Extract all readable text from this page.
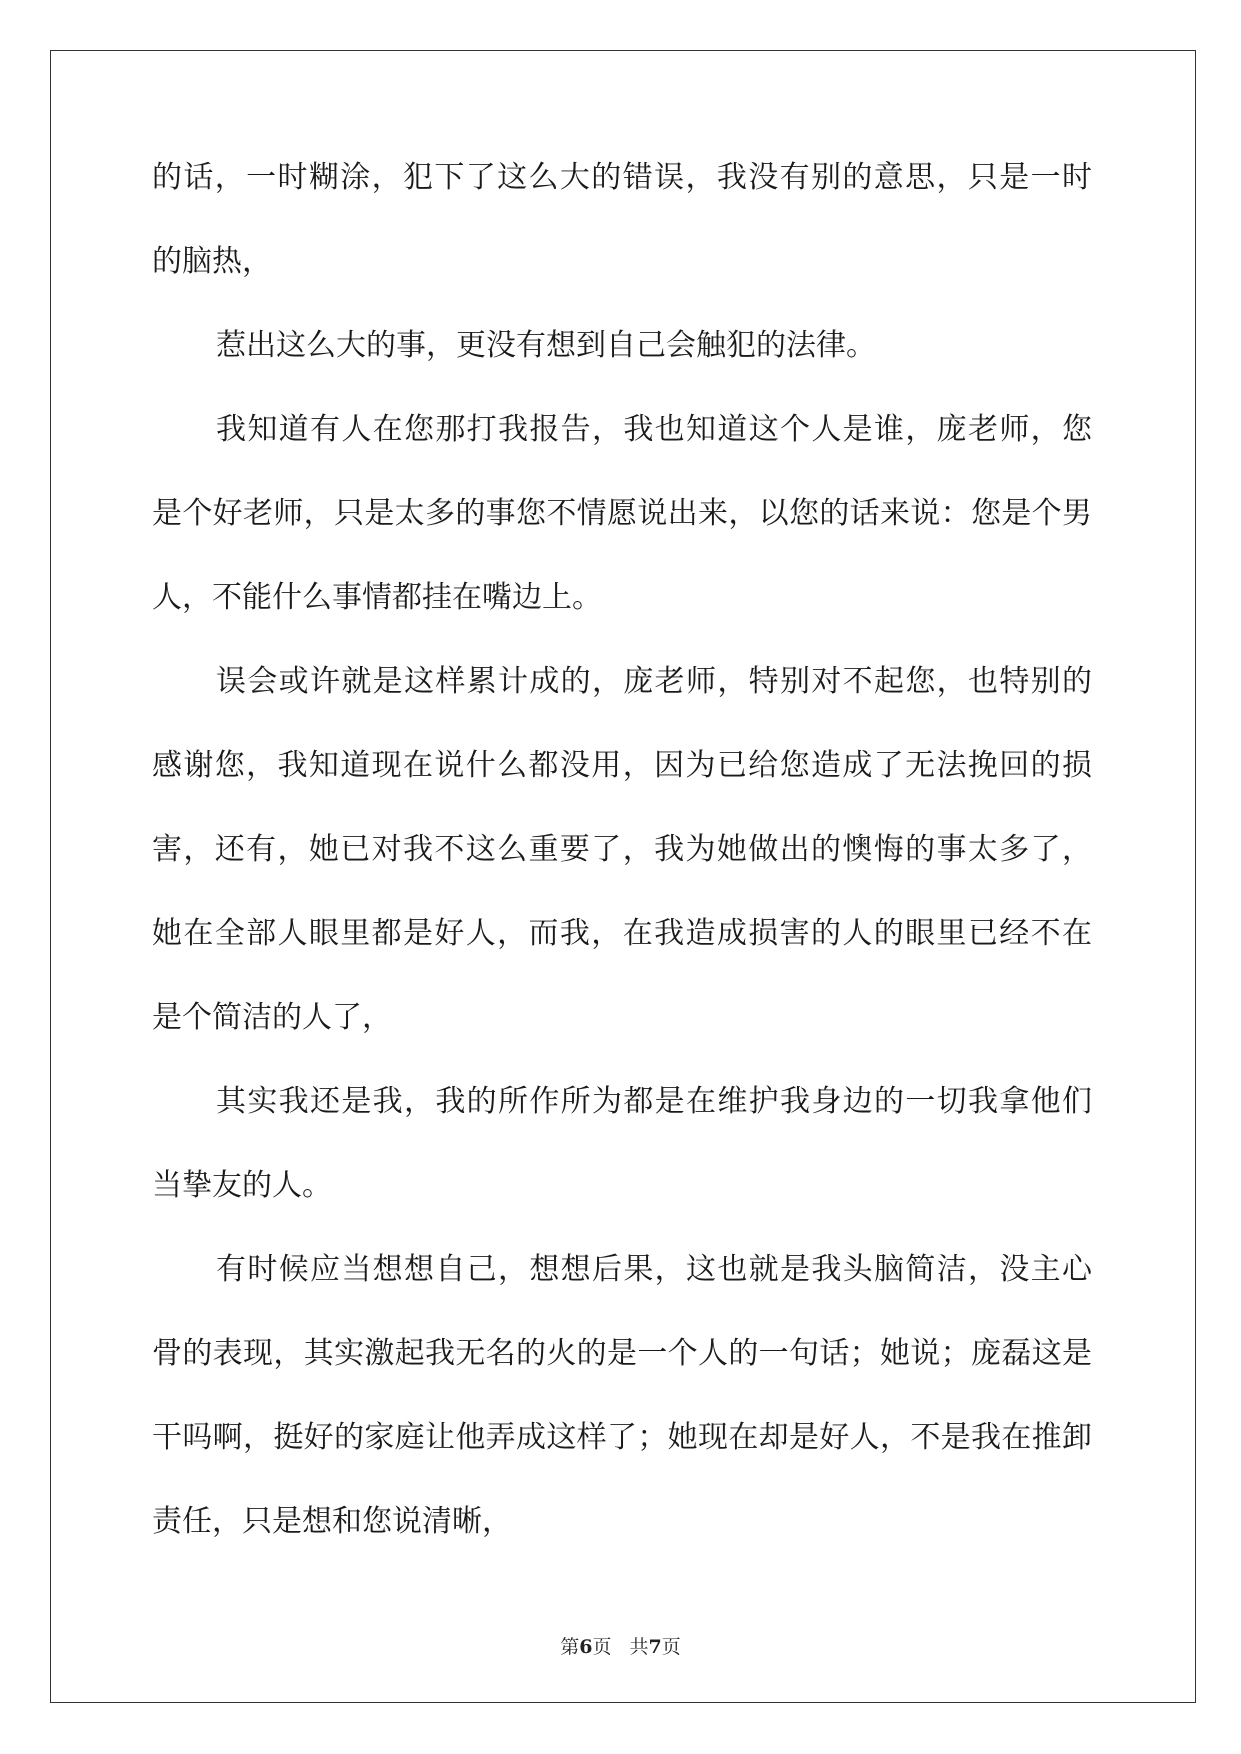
的话，一时糊涂，犯下了这么大的错误，我没有别的意思，只是一时
的脑热，
惹出这么大的事，更没有想到自己会触犯的法律。
我知道有人在您那打我报告，我也知道这个人是谁，庞老师，您
是个好老师，只是太多的事您不情愿说出来，以您的话来说：您是个男
人，不能什么事情都挂在嘴边上。
误会或许就是这样累计成的，庞老师，特别对不起您，也特别的
感谢您，我知道现在说什么都没用，因为已给您造成了无法挽回的损
害，还有，她已对我不这么重要了，我为她做出的懊悔的事太多了，
她在全部人眼里都是好人，而我，在我造成损害的人的眼里已经不在
是个简洁的人了，
其实我还是我，我的所作所为都是在维护我身边的一切我拿他们
当挚友的人。
有时候应当想想自己，想想后果，这也就是我头脑简洁，没主心
骨的表现，其实激起我无名的火的是一个人的一句话；她说；庞磊这是
干吗啊，挺好的家庭让他弄成这样了；她现在却是好人，不是我在推卸
责任，只是想和您说清晰，
第6页 共7页
